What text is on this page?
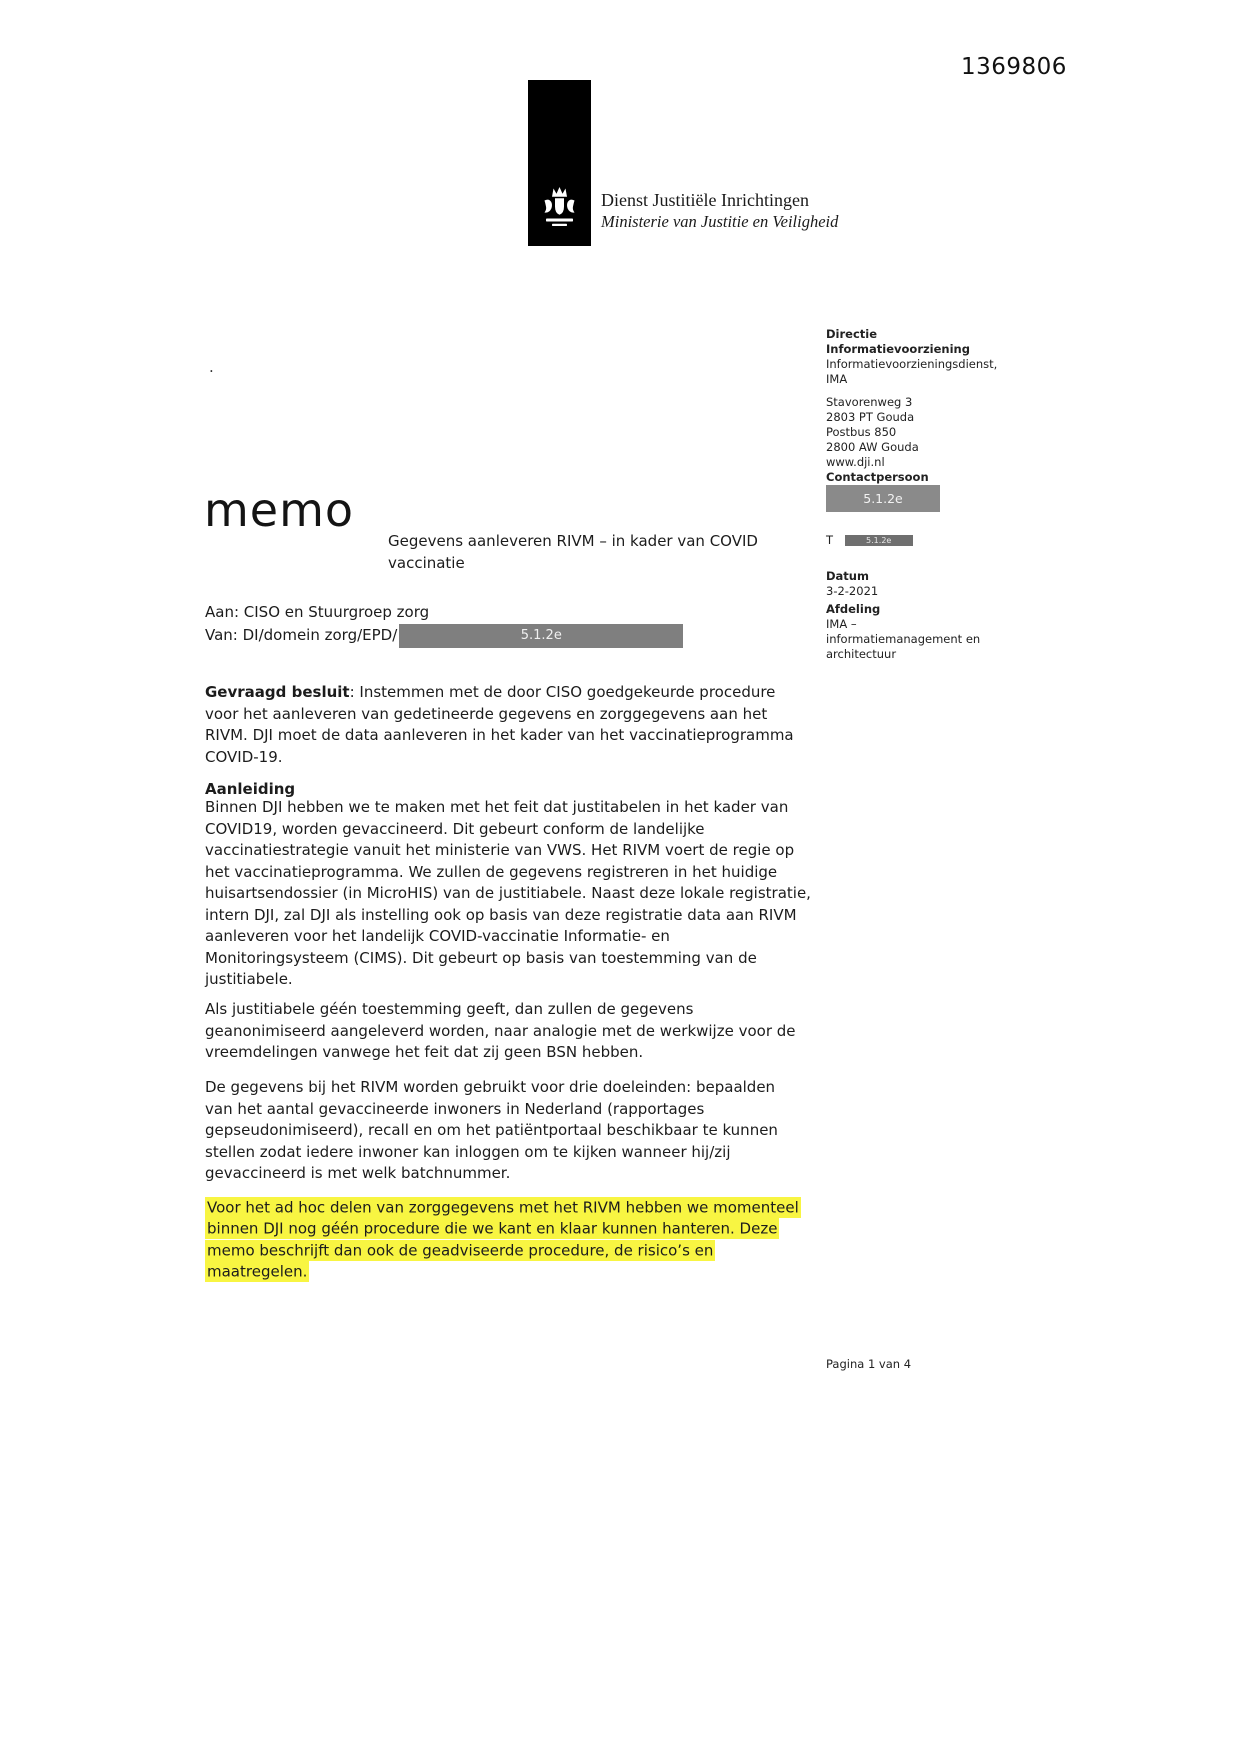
1369806
Dienst Justitiële Inrichtingen
Ministerie van Justitie en Veiligheid
.
Directie
Informatievoorziening
Informatievoorzieningsdienst,
IMA
Stavorenweg 3
2803 PT Gouda
Postbus 850
2800 AW Gouda
www.dji.nl
Contactpersoon
5.1.2e
T	5.1.2e
Datum
3-2-2021
Afdeling
IMA – informatiemanagement en architectuur
memo
Gegevens aanleveren RIVM – in kader van COVID vaccinatie
Aan: CISO en Stuurgroep zorg
Van: DI/domein zorg/EPD/	5.1.2e
Gevraagd besluit: Instemmen met de door CISO goedgekeurde procedure voor het aanleveren van gedetineerde gegevens en zorggegevens aan het RIVM. DJI moet de data aanleveren in het kader van het vaccinatieprogramma COVID-19.
Aanleiding
Binnen DJI hebben we te maken met het feit dat justitabelen in het kader van COVID19, worden gevaccineerd. Dit gebeurt conform de landelijke vaccinatiestrategie vanuit het ministerie van VWS. Het RIVM voert de regie op het vaccinatieprogramma. We zullen de gegevens registreren in het huidige huisartsendossier (in MicroHIS) van de justitiabele. Naast deze lokale registratie, intern DJI, zal DJI als instelling ook op basis van deze registratie data aan RIVM aanleveren voor het landelijk COVID-vaccinatie Informatie- en Monitoringsysteem (CIMS). Dit gebeurt op basis van toestemming van de justitiabele.
Als justitiabele géén toestemming geeft, dan zullen de gegevens geanonimiseerd aangeleverd worden, naar analogie met de werkwijze voor de vreemdelingen vanwege het feit dat zij geen BSN hebben.
De gegevens bij het RIVM worden gebruikt voor drie doeleinden: bepaalden van het aantal gevaccineerde inwoners in Nederland (rapportages gepseudonimiseerd), recall en om het patiëntportaal beschikbaar te kunnen stellen zodat iedere inwoner kan inloggen om te kijken wanneer hij/zij gevaccineerd is met welk batchnummer.
Voor het ad hoc delen van zorggegevens met het RIVM hebben we momenteel binnen DJI nog géén procedure die we kant en klaar kunnen hanteren. Deze memo beschrijft dan ook de geadviseerde procedure, de risico’s en maatregelen.
Pagina 1 van 4
